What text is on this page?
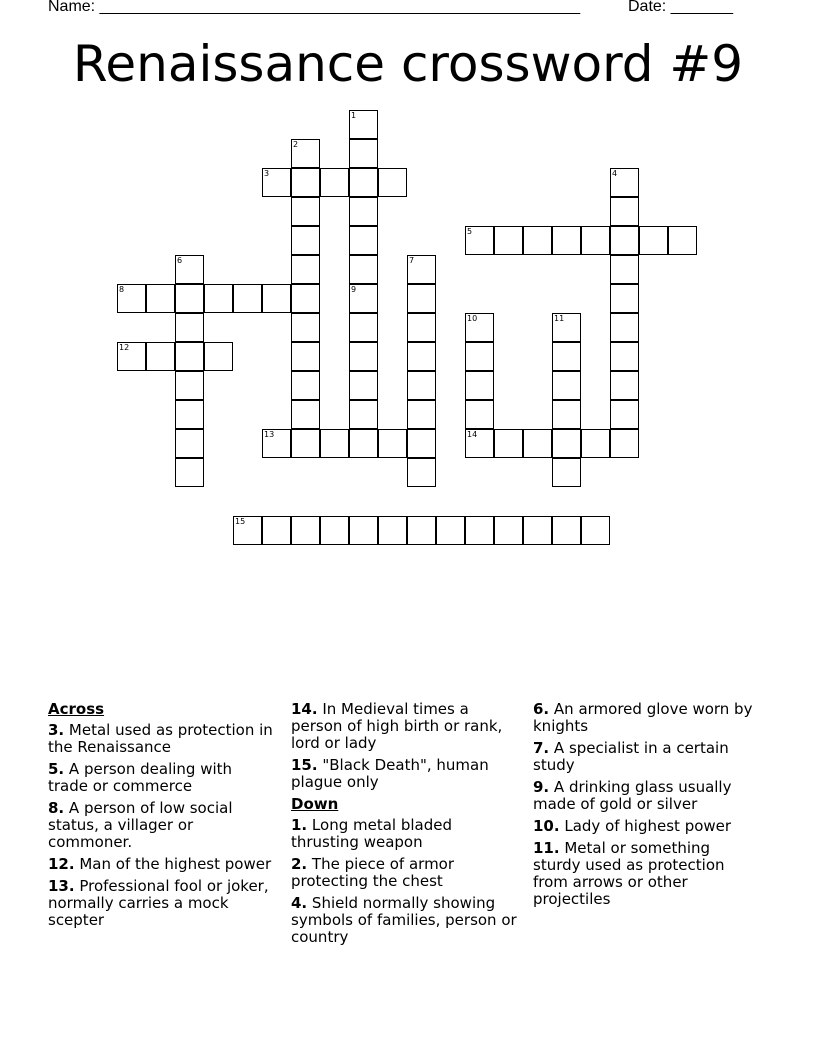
Name: ______________________________________________________	Date: _______
Renaissance crossword #9
1
2
3	4
5
6	7
8	9
10
14
11
12
13
15
Across
3. Metal used as protection in the Renaissance
5. A person dealing with trade or commerce
8. A person of low social status, a villager or commoner.
12. Man of the highest power
13. Professional fool or joker, normally carries a mock scepter
14. In Medieval times a person of high birth or rank, lord or lady
15. "Black Death", human plague only
Down
1. Long metal bladed thrusting weapon
2. The piece of armor protecting the chest
4. Shield normally showing symbols of families, person or country
6. An armored glove worn by knights
7. A specialist in a certain study
9. A drinking glass usually made of gold or silver
10. Lady of highest power
11. Metal or something sturdy used as protection from arrows or other projectiles
